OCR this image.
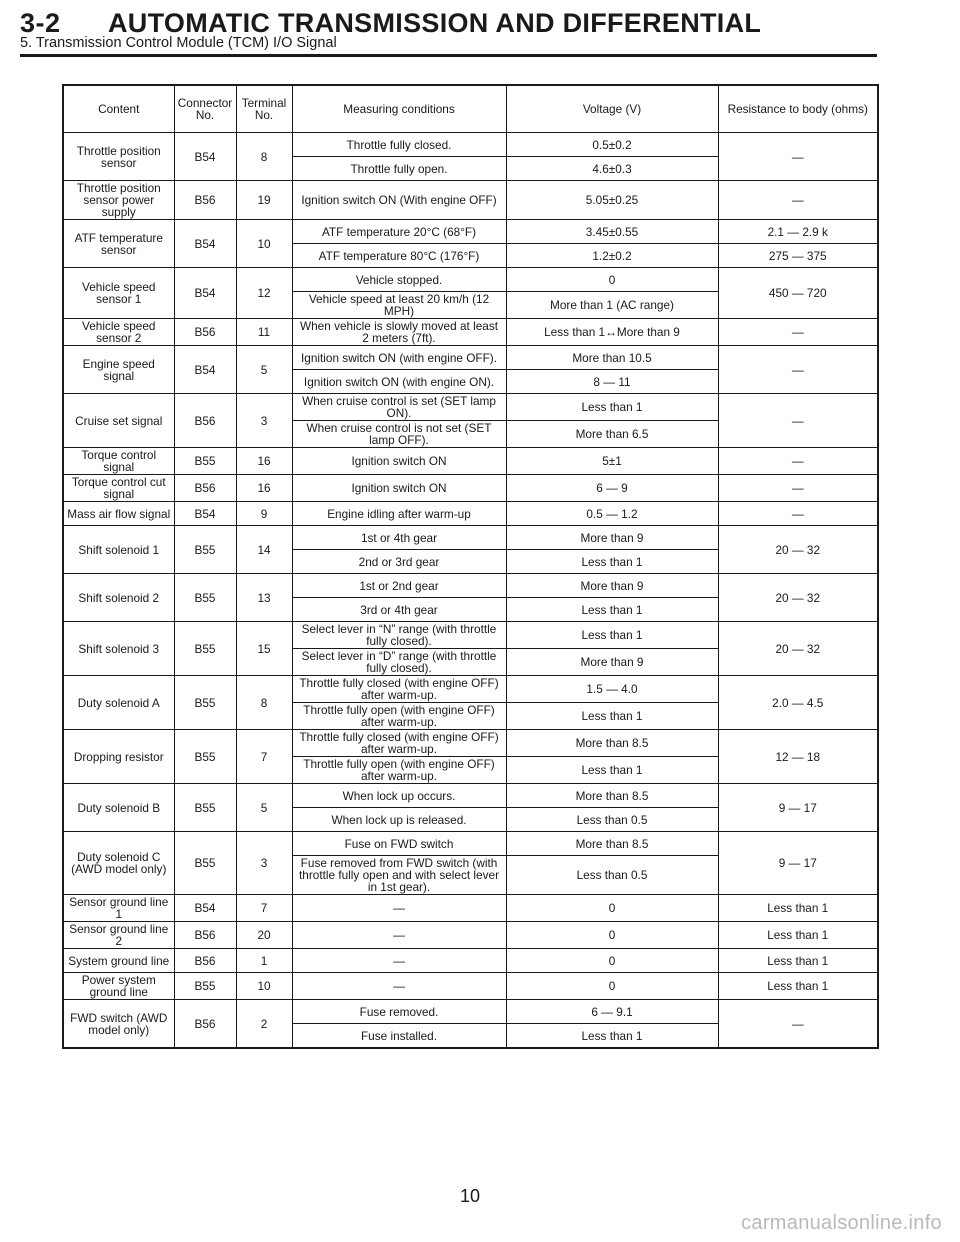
3-2 AUTOMATIC TRANSMISSION AND DIFFERENTIAL
5. Transmission Control Module (TCM) I/O Signal
Content	Connector No.	Terminal No.	Measuring conditions	Voltage (V)	Resistance to body (ohms)
Throttle position sensor	B54	8	Throttle fully closed.	0.5±0.2	—
			Throttle fully open.	4.6±0.3	
Throttle position sensor power supply	B56	19	Ignition switch ON (With engine OFF)	5.05±0.25	—
ATF temperature sensor	B54	10	ATF temperature 20°C (68°F)	3.45±0.55	2.1 — 2.9 k
			ATF temperature 80°C (176°F)	1.2±0.2	275 — 375
Vehicle speed sensor 1	B54	12	Vehicle stopped.	0	450 — 720
			Vehicle speed at least 20 km/h (12 MPH)	More than 1 (AC range)	
Vehicle speed sensor 2	B56	11	When vehicle is slowly moved at least 2 meters (7ft).	Less than 1↔More than 9	—
Engine speed signal	B54	5	Ignition switch ON (with engine OFF).	More than 10.5	—
			Ignition switch ON (with engine ON).	8 — 11	
Cruise set signal	B56	3	When cruise control is set (SET lamp ON).	Less than 1	—
			When cruise control is not set (SET lamp OFF).	More than 6.5	
Torque control signal	B55	16	Ignition switch ON	5±1	—
Torque control cut signal	B56	16	Ignition switch ON	6 — 9	—
Mass air flow signal	B54	9	Engine idling after warm-up	0.5 — 1.2	—
Shift solenoid 1	B55	14	1st or 4th gear	More than 9	20 — 32
			2nd or 3rd gear	Less than 1	
Shift solenoid 2	B55	13	1st or 2nd gear	More than 9	20 — 32
			3rd or 4th gear	Less than 1	
Shift solenoid 3	B55	15	Select lever in “N” range (with throttle fully closed).	Less than 1	20 — 32
			Select lever in “D” range (with throttle fully closed).	More than 9	
Duty solenoid A	B55	8	Throttle fully closed (with engine OFF) after warm-up.	1.5 — 4.0	2.0 — 4.5
			Throttle fully open (with engine OFF) after warm-up.	Less than 1	
Dropping resistor	B55	7	Throttle fully closed (with engine OFF) after warm-up.	More than 8.5	12 — 18
			Throttle fully open (with engine OFF) after warm-up.	Less than 1	
Duty solenoid B	B55	5	When lock up occurs.	More than 8.5	9 — 17
			When lock up is released.	Less than 0.5	
Duty solenoid C (AWD model only)	B55	3	Fuse on FWD switch	More than 8.5	9 — 17
			Fuse removed from FWD switch (with throttle fully open and with select lever in 1st gear).	Less than 0.5	
Sensor ground line 1	B54	7	—	0	Less than 1
Sensor ground line 2	B56	20	—	0	Less than 1
System ground line	B56	1	—	0	Less than 1
Power system ground line	B55	10	—	0	Less than 1
FWD switch (AWD model only)	B56	2	Fuse removed.	6 — 9.1	—
			Fuse installed.	Less than 1	
10
carmanualsonline.info
